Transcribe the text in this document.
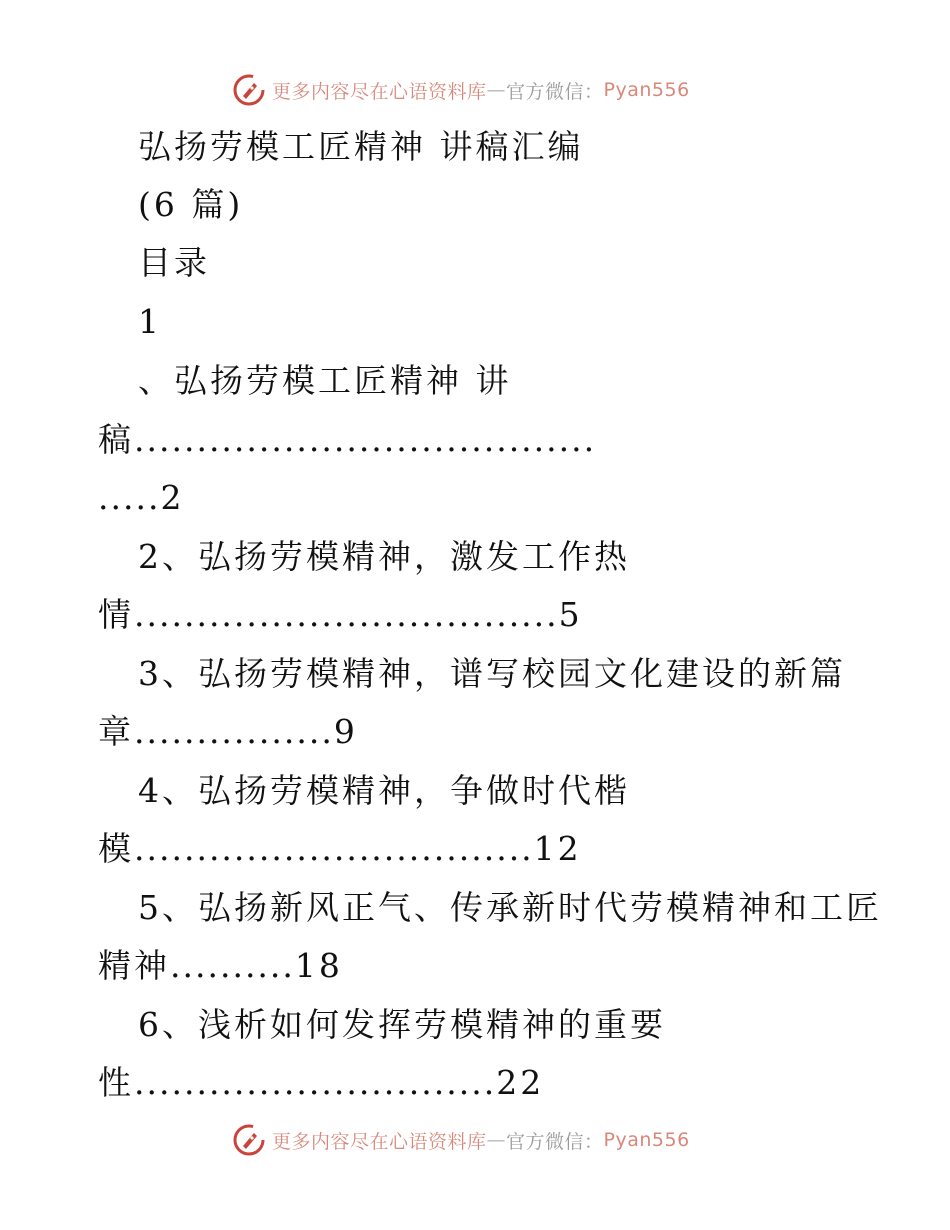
更多内容尽在心语资料库 — 官方微信： Pyan556
弘扬劳模工匠精神 讲稿汇编
(6 篇)
目录
1
、弘扬劳模工匠精神 讲
稿.....................................
.....2
2、弘扬劳模精神，激发工作热
情..................................5
3、弘扬劳模精神，谱写校园文化建设的新篇
章................9
4、弘扬劳模精神，争做时代楷
模................................12
5、弘扬新风正气、传承新时代劳模精神和工匠
精神..........18
6、浅析如何发挥劳模精神的重要
性.............................22
更多内容尽在心语资料库 — 官方微信： Pyan556
